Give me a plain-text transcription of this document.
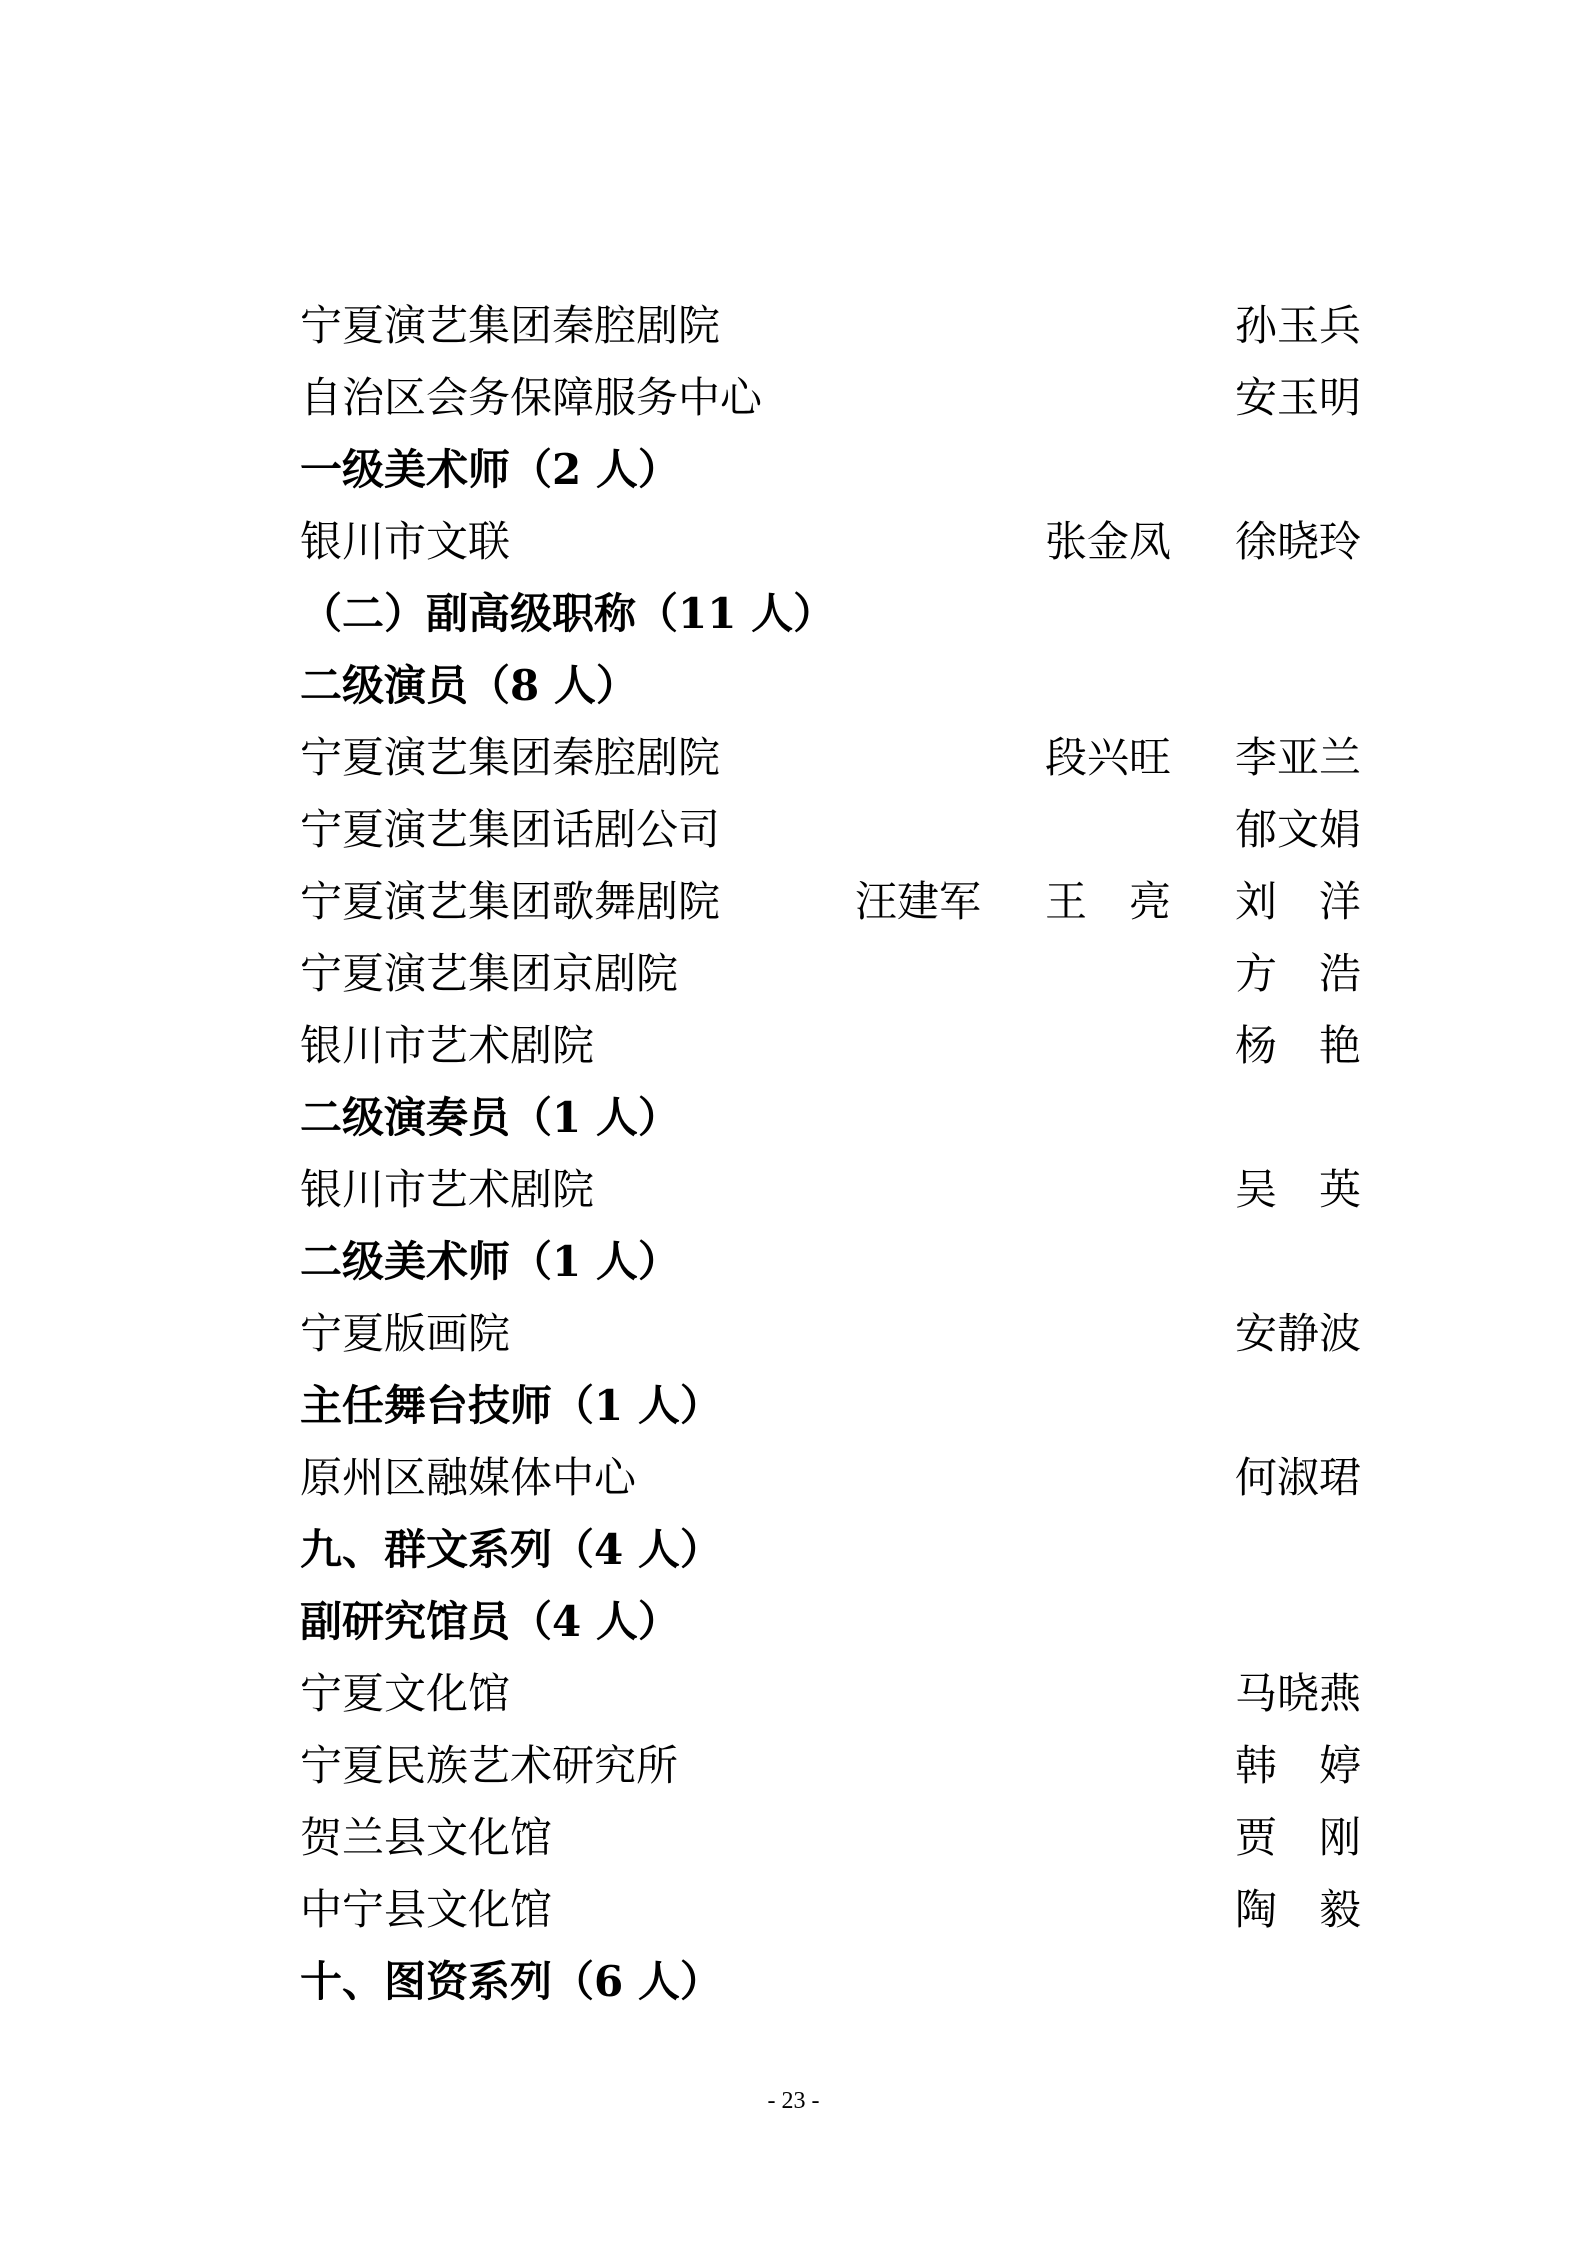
宁夏演艺集团秦腔剧院	孙玉兵
自治区会务保障服务中心	安玉明
一级美术师（2 人）
银川市文联	张金凤 徐晓玲
（二）副高级职称（11 人）
二级演员（8 人）
宁夏演艺集团秦腔剧院	段兴旺 李亚兰
宁夏演艺集团话剧公司	郁文娟
宁夏演艺集团歌舞剧院	汪建军 王　亮 刘　洋
宁夏演艺集团京剧院	方　浩
银川市艺术剧院	杨　艳
二级演奏员（1 人）
银川市艺术剧院	吴　英
二级美术师（1 人）
宁夏版画院	安静波
主任舞台技师（1 人）
原州区融媒体中心	何淑珺
九、群文系列（4 人）
副研究馆员（4 人）
宁夏文化馆	马晓燕
宁夏民族艺术研究所	韩　婷
贺兰县文化馆	贾　刚
中宁县文化馆	陶　毅
十、图资系列（6 人）
- 23 -
